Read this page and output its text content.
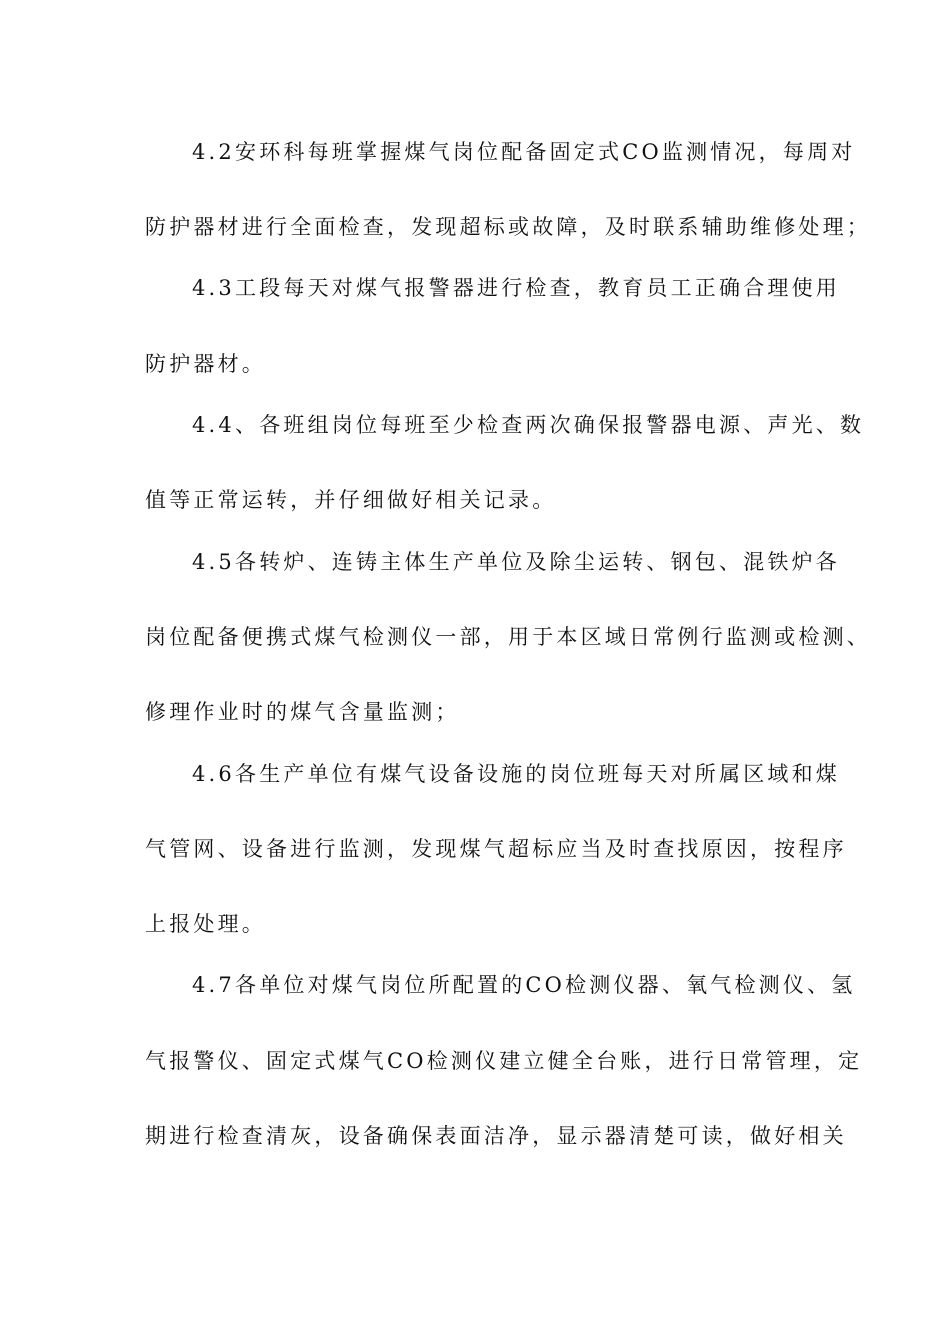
4.2安环科每班掌握煤气岗位配备固定式CO监测情况，每周对

防护器材进行全面检查，发现超标或故障，及时联系辅助维修处理；

4.3工段每天对煤气报警器进行检查，教育员工正确合理使用

防护器材。

4.4、各班组岗位每班至少检查两次确保报警器电源、声光、数

值等正常运转，并仔细做好相关记录。

4.5各转炉、连铸主体生产单位及除尘运转、钢包、混铁炉各

岗位配备便携式煤气检测仪一部，用于本区域日常例行监测或检测、

修理作业时的煤气含量监测；

4.6各生产单位有煤气设备设施的岗位班每天对所属区域和煤

气管网、设备进行监测，发现煤气超标应当及时查找原因，按程序

上报处理。

4.7各单位对煤气岗位所配置的CO检测仪器、氧气检测仪、氢

气报警仪、固定式煤气CO检测仪建立健全台账，进行日常管理，定

期进行检查清灰，设备确保表面洁净，显示器清楚可读，做好相关
